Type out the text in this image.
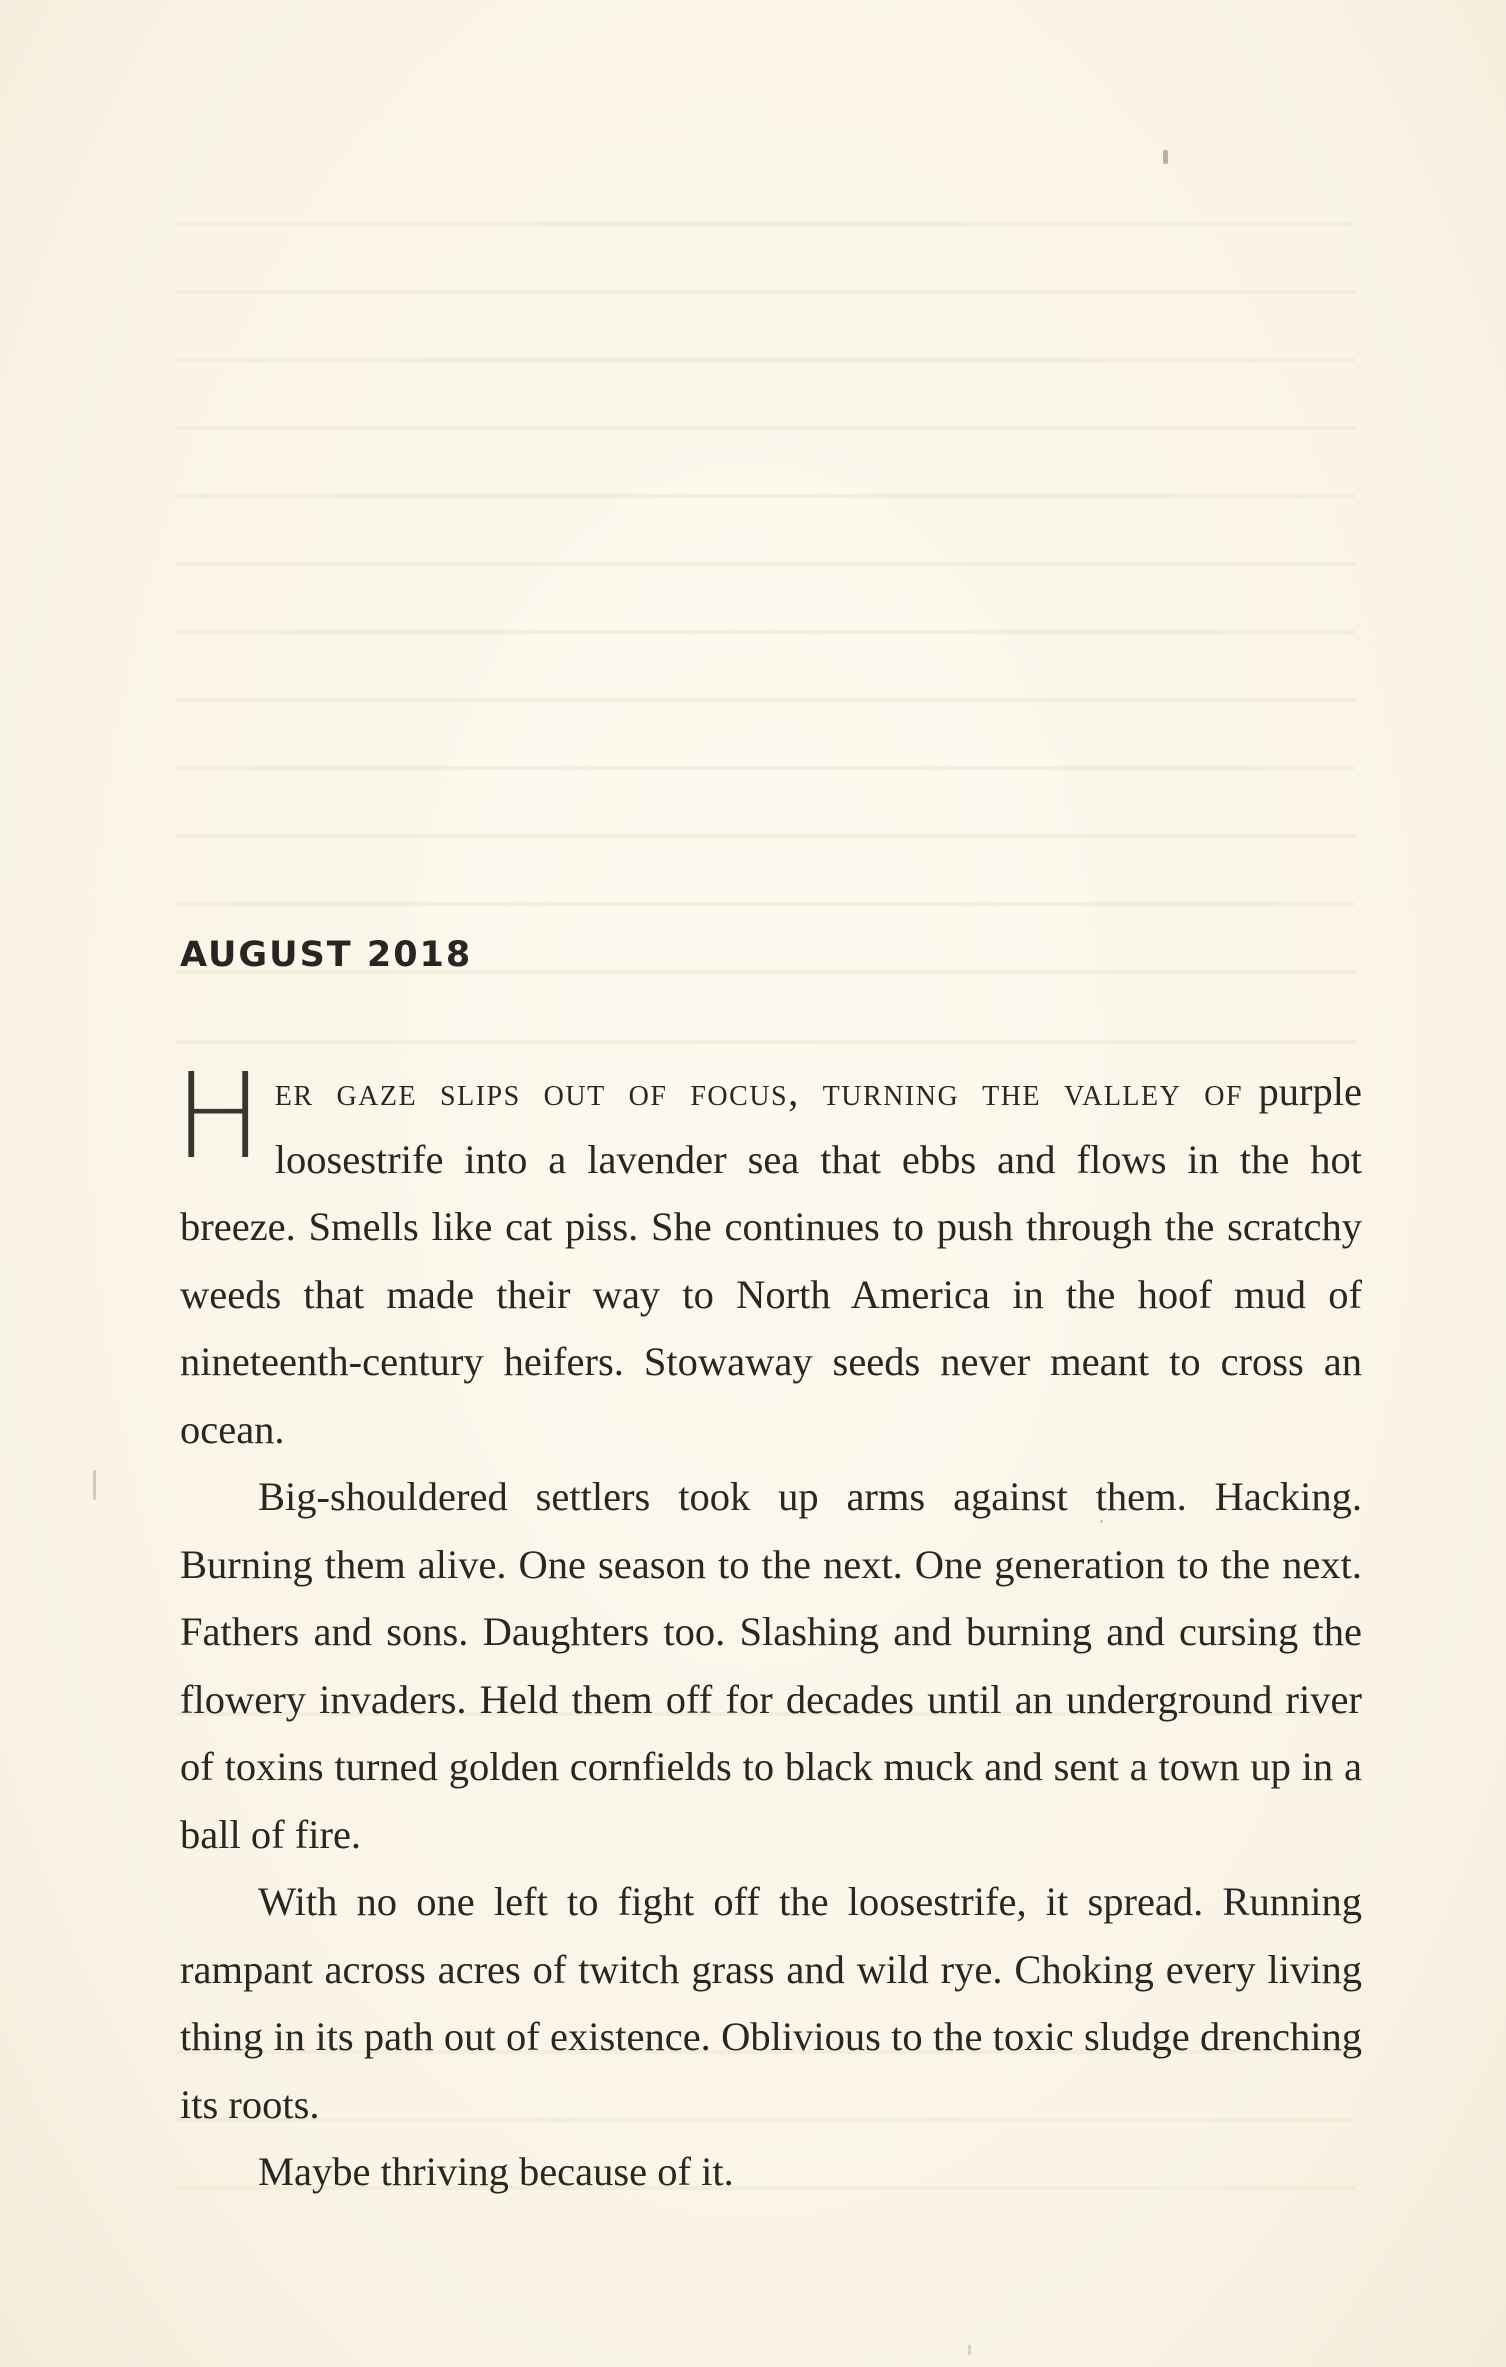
AUGUST 2018

Her gaze slips out of focus, turning the valley of purple loosestrife into a lavender sea that ebbs and flows in the hot breeze. Smells like cat piss. She continues to push through the scratchy weeds that made their way to North America in the hoof mud of nineteenth-century heifers. Stowaway seeds never meant to cross an ocean.

Big-shouldered settlers took up arms against them. Hacking. Burning them alive. One season to the next. One generation to the next. Fathers and sons. Daughters too. Slashing and burning and cursing the flowery invaders. Held them off for decades until an underground river of toxins turned golden cornfields to black muck and sent a town up in a ball of fire.

With no one left to fight off the loosestrife, it spread. Running rampant across acres of twitch grass and wild rye. Choking every living thing in its path out of existence. Oblivious to the toxic sludge drenching its roots.

Maybe thriving because of it.
